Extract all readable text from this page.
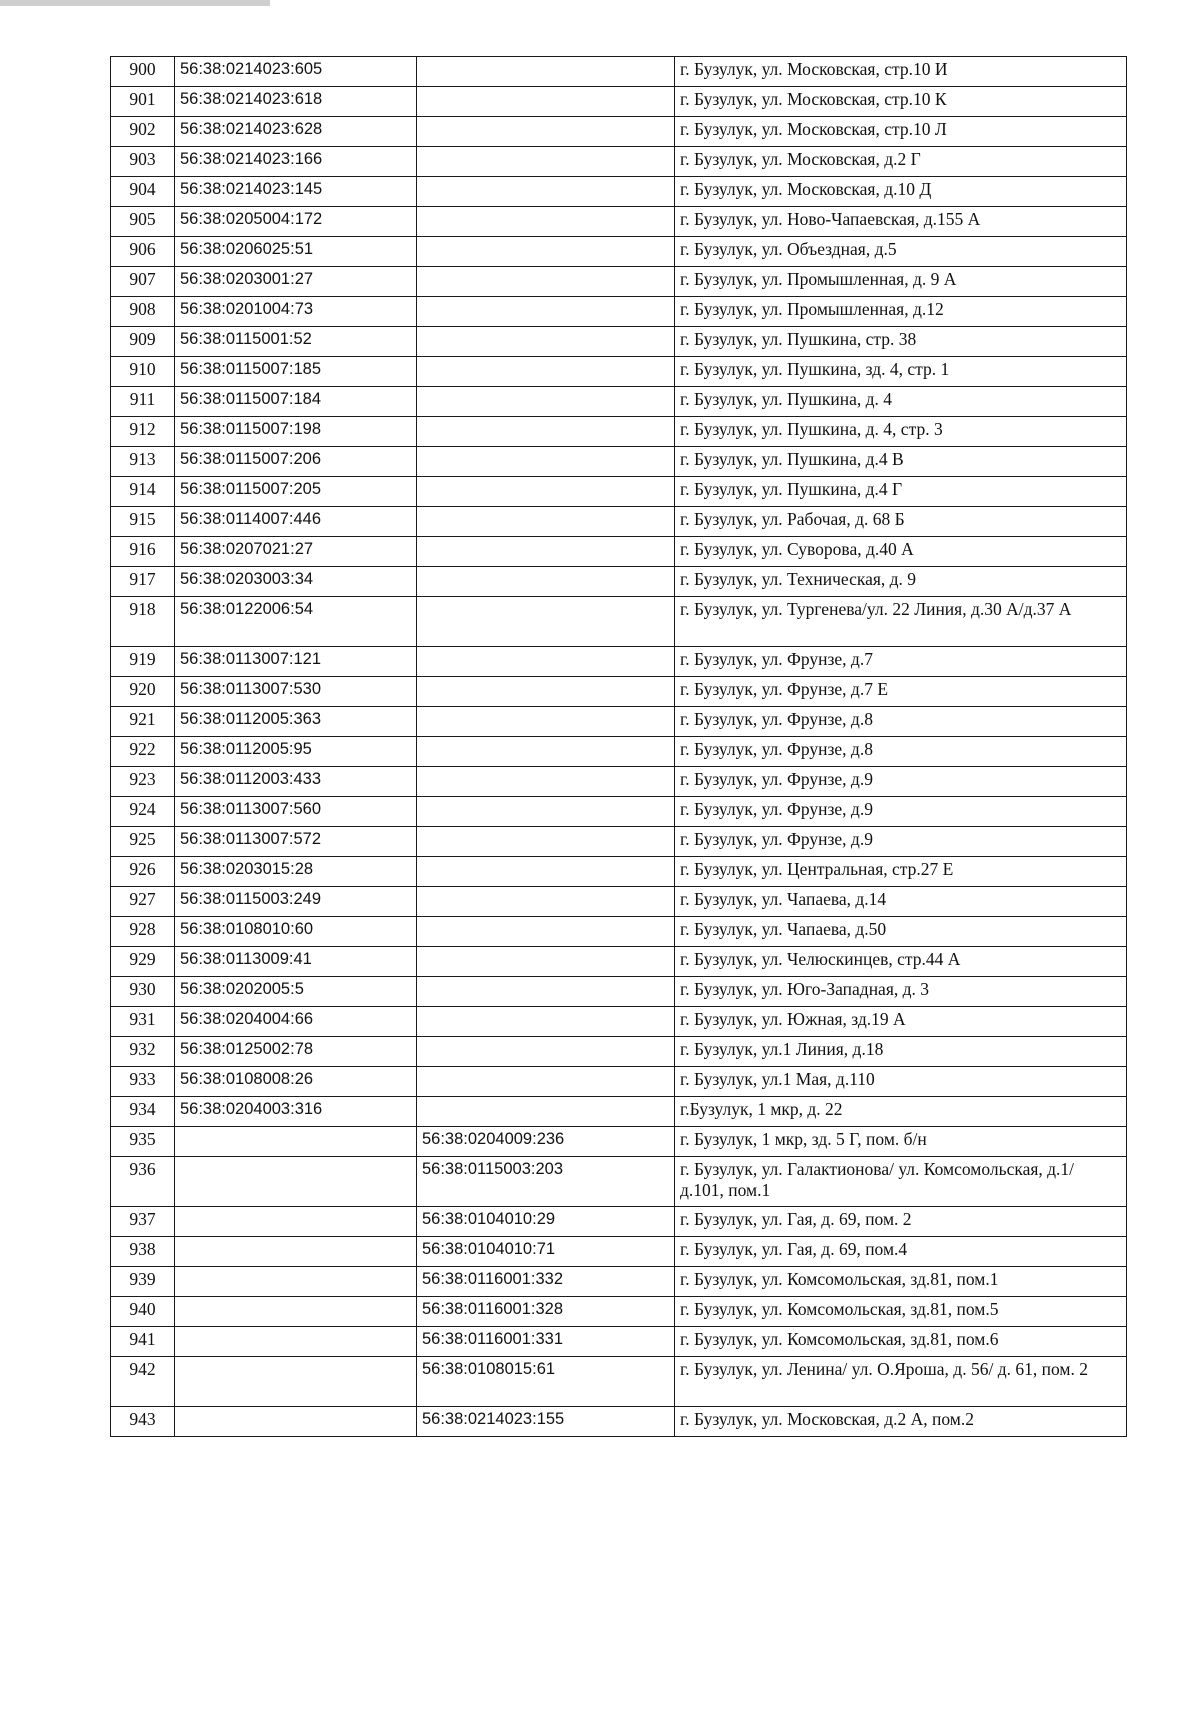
900	56:38:0214023:605		г. Бузулук, ул. Московская, стр.10 И
901	56:38:0214023:618		г. Бузулук, ул. Московская, стр.10 К
902	56:38:0214023:628		г. Бузулук, ул. Московская, стр.10 Л
903	56:38:0214023:166		г. Бузулук, ул. Московская, д.2 Г
904	56:38:0214023:145		г. Бузулук, ул. Московская, д.10 Д
905	56:38:0205004:172		г. Бузулук, ул. Ново-Чапаевская, д.155 А
906	56:38:0206025:51		г. Бузулук, ул. Объездная, д.5
907	56:38:0203001:27		г. Бузулук, ул. Промышленная, д. 9 А
908	56:38:0201004:73		г. Бузулук, ул. Промышленная, д.12
909	56:38:0115001:52		г. Бузулук, ул. Пушкина, стр. 38
910	56:38:0115007:185		г. Бузулук, ул. Пушкина, зд. 4, стр. 1
911	56:38:0115007:184		г. Бузулук, ул. Пушкина, д. 4
912	56:38:0115007:198		г. Бузулук, ул. Пушкина, д. 4, стр. 3
913	56:38:0115007:206		г. Бузулук, ул. Пушкина, д.4 В
914	56:38:0115007:205		г. Бузулук, ул. Пушкина, д.4 Г
915	56:38:0114007:446		г. Бузулук, ул. Рабочая, д. 68 Б
916	56:38:0207021:27		г. Бузулук, ул. Суворова, д.40 А
917	56:38:0203003:34		г. Бузулук, ул. Техническая, д. 9
918	56:38:0122006:54		г. Бузулук, ул. Тургенева/ул. 22 Линия, д.30 А/д.37 А
919	56:38:0113007:121		г. Бузулук, ул. Фрунзе, д.7
920	56:38:0113007:530		г. Бузулук, ул. Фрунзе, д.7 Е
921	56:38:0112005:363		г. Бузулук, ул. Фрунзе, д.8
922	56:38:0112005:95		г. Бузулук, ул. Фрунзе, д.8
923	56:38:0112003:433		г. Бузулук, ул. Фрунзе, д.9
924	56:38:0113007:560		г. Бузулук, ул. Фрунзе, д.9
925	56:38:0113007:572		г. Бузулук, ул. Фрунзе, д.9
926	56:38:0203015:28		г. Бузулук, ул. Центральная, стр.27 Е
927	56:38:0115003:249		г. Бузулук, ул. Чапаева, д.14
928	56:38:0108010:60		г. Бузулук, ул. Чапаева, д.50
929	56:38:0113009:41		г. Бузулук, ул. Челюскинцев, стр.44 А
930	56:38:0202005:5		г. Бузулук, ул. Юго-Западная, д. 3
931	56:38:0204004:66		г. Бузулук, ул. Южная, зд.19 А
932	56:38:0125002:78		г. Бузулук, ул.1 Линия, д.18
933	56:38:0108008:26		г. Бузулук, ул.1 Мая, д.110
934	56:38:0204003:316		г.Бузулук, 1 мкр, д. 22
935		56:38:0204009:236	г. Бузулук, 1 мкр, зд. 5 Г, пом. б/н
936		56:38:0115003:203	г. Бузулук, ул. Галактионова/ ул. Комсомольская, д.1/ д.101, пом.1
937		56:38:0104010:29	г. Бузулук, ул. Гая, д. 69, пом. 2
938		56:38:0104010:71	г. Бузулук, ул. Гая, д. 69, пом.4
939		56:38:0116001:332	г. Бузулук, ул. Комсомольская, зд.81, пом.1
940		56:38:0116001:328	г. Бузулук, ул. Комсомольская, зд.81, пом.5
941		56:38:0116001:331	г. Бузулук, ул. Комсомольская, зд.81, пом.6
942		56:38:0108015:61	г. Бузулук, ул. Ленина/ ул. О.Яроша, д. 56/ д. 61, пом. 2
943		56:38:0214023:155	г. Бузулук, ул. Московская, д.2 А, пом.2
